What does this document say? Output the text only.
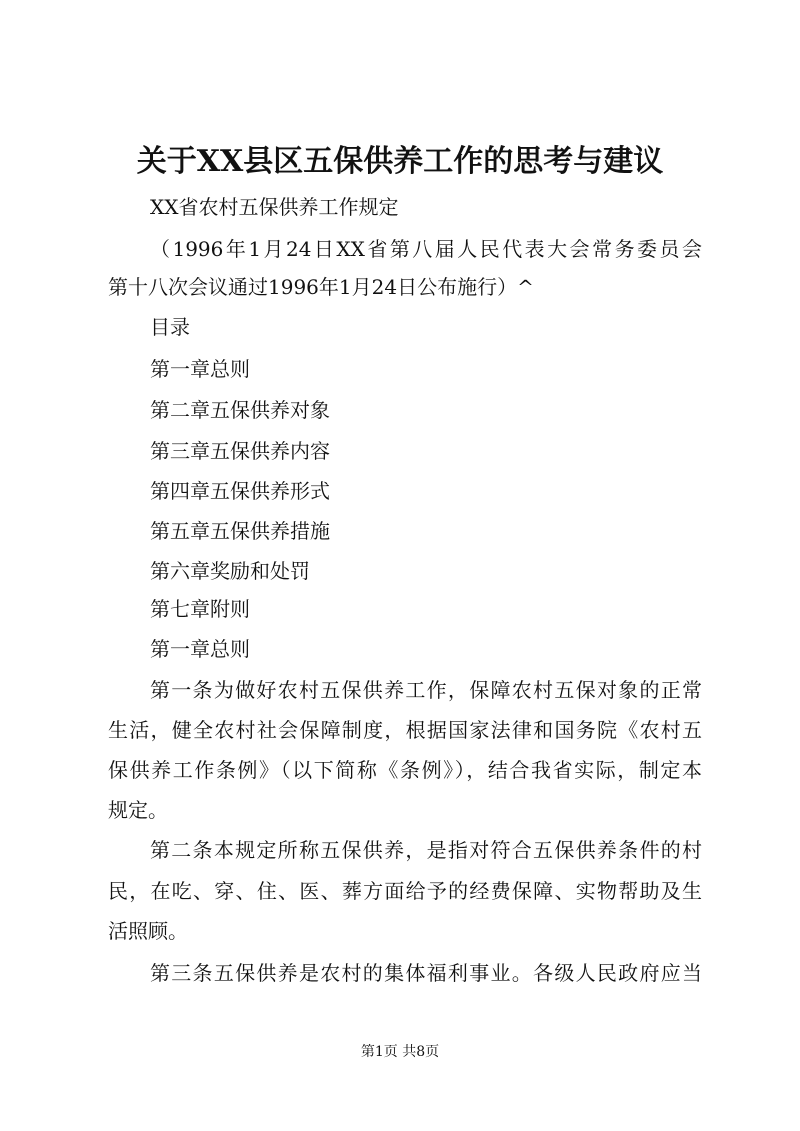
关于XX县区五保供养工作的思考与建议
XX省农村五保供养工作规定
（1996年1月24日XX省第八届人民代表大会常务委员会
第十八次会议通过1996年1月24日公布施行）^
目录
第一章总则
第二章五保供养对象
第三章五保供养内容
第四章五保供养形式
第五章五保供养措施
第六章奖励和处罚
第七章附则
第一章总则
第一条为做好农村五保供养工作，保障农村五保对象的正常
生活，健全农村社会保障制度，根据国家法律和国务院《农村五
保供养工作条例》（以下简称《条例》），结合我省实际，制定本
规定。
第二条本规定所称五保供养，是指对符合五保供养条件的村
民，在吃、穿、住、医、葬方面给予的经费保障、实物帮助及生
活照顾。
第三条五保供养是农村的集体福利事业。各级人民政府应当
第1页 共8页
